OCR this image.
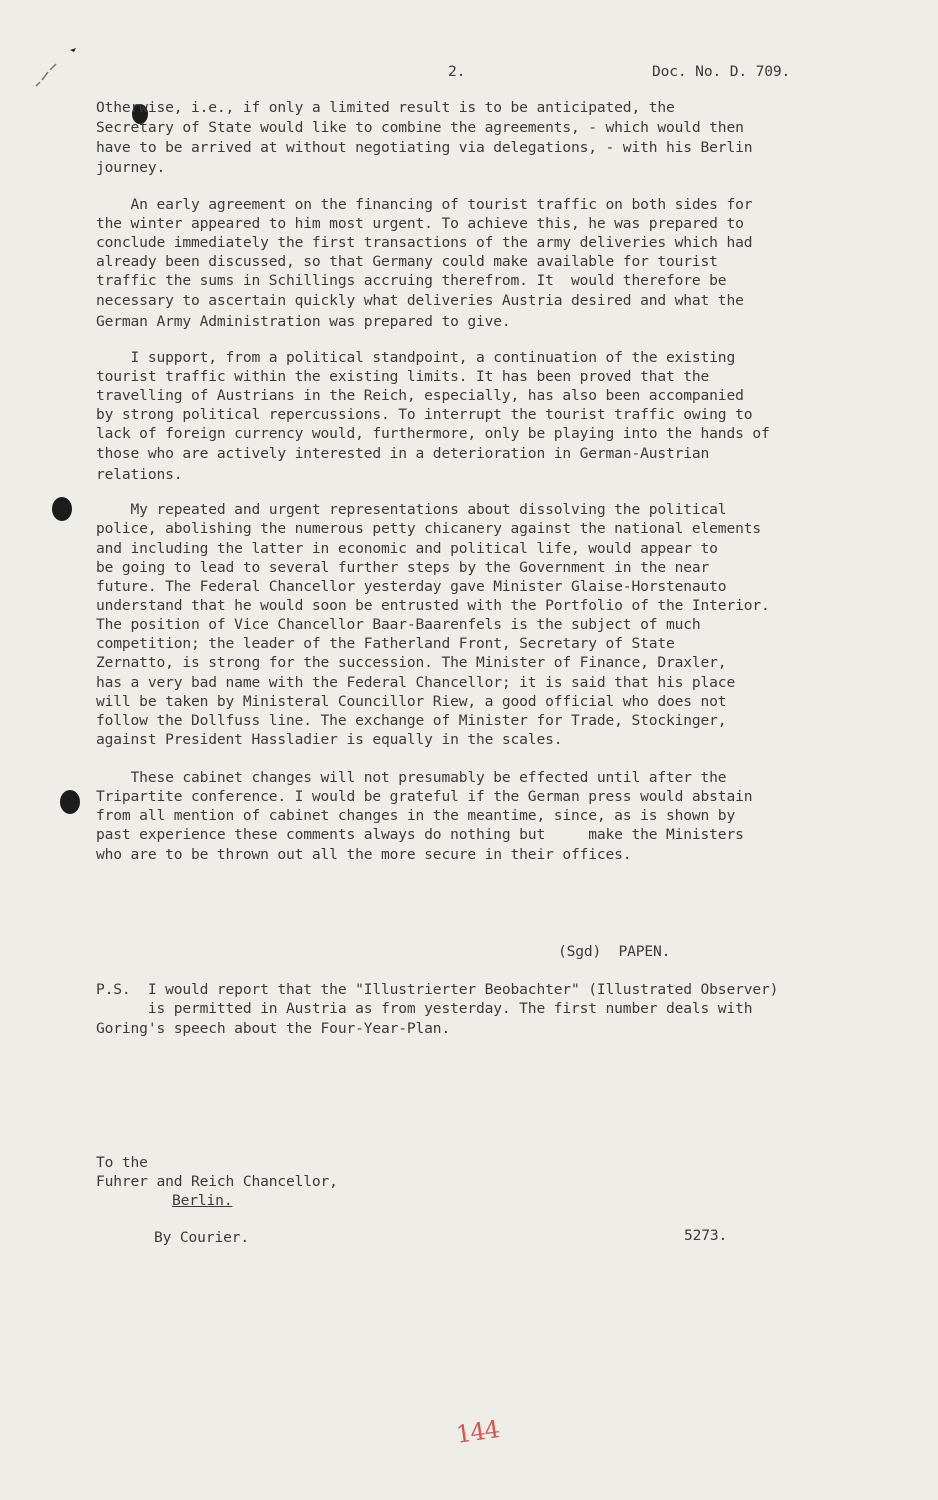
2.	Doc. No. D. 709.
Otherwise, i.e., if only a limited result is to be anticipated, the
Secretary of State would like to combine the agreements, - which would then
have to be arrived at without negotiating via delegations, - with his Berlin
journey.
An early agreement on the financing of tourist traffic on both sides for
the winter appeared to him most urgent. To achieve this, he was prepared to
conclude immediately the first transactions of the army deliveries which had
already been discussed, so that Germany could make available for tourist
traffic the sums in Schillings accruing therefrom. It  would therefore be
necessary to ascertain quickly what deliveries Austria desired and what the
German Army Administration was prepared to give.
I support, from a political standpoint, a continuation of the existing
tourist traffic within the existing limits. It has been proved that the
travelling of Austrians in the Reich, especially, has also been accompanied
by strong political repercussions. To interrupt the tourist traffic owing to
lack of foreign currency would, furthermore, only be playing into the hands of
those who are actively interested in a deterioration in German-Austrian
relations.
My repeated and urgent representations about dissolving the political
police, abolishing the numerous petty chicanery against the national elements
and including the latter in economic and political life, would appear to
be going to lead to several further steps by the Government in the near
future. The Federal Chancellor yesterday gave Minister Glaise-Horstenauto
understand that he would soon be entrusted with the Portfolio of the Interior.
The position of Vice Chancellor Baar-Baarenfels is the subject of much
competition; the leader of the Fatherland Front, Secretary of State
Zernatto, is strong for the succession. The Minister of Finance, Draxler,
has a very bad name with the Federal Chancellor; it is said that his place
will be taken by Ministeral Councillor Riew, a good official who does not
follow the Dollfuss line. The exchange of Minister for Trade, Stockinger,
against President Hassladier is equally in the scales.
These cabinet changes will not presumably be effected until after the
Tripartite conference. I would be grateful if the German press would abstain
from all mention of cabinet changes in the meantime, since, as is shown by
past experience these comments always do nothing but     make the Ministers
who are to be thrown out all the more secure in their offices.
(Sgd)  PAPEN.
P.S.  I would report that the "Illustrierter Beobachter" (Illustrated Observer)
is permitted in Austria as from yesterday. The first number deals with
Goring's speech about the Four-Year-Plan.
To the
Fuhrer and Reich Chancellor,
Berlin.
By Courier.	5273.
144
